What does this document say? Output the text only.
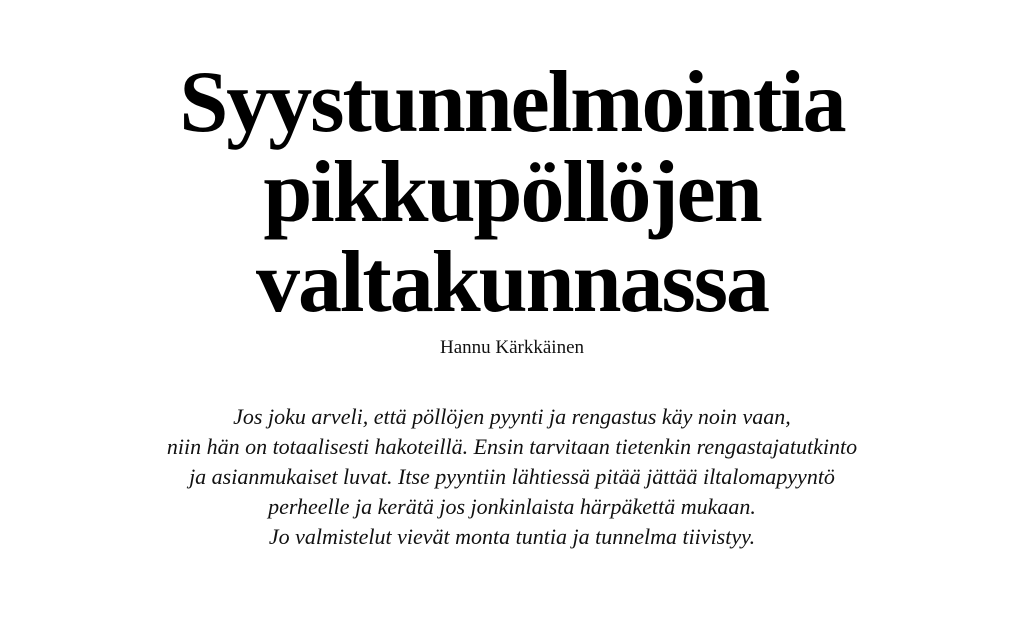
Syystunnelmointia
pikkupöllöjen
valtakunnassa
Hannu Kärkkäinen

Jos joku arveli, että pöllöjen pyynti ja rengastus käy noin vaan,
niin hän on totaalisesti hakoteillä. Ensin tarvitaan tietenkin rengastajatutkinto
ja asianmukaiset luvat. Itse pyyntiin lähtiessä pitää jättää iltalomapyyntö
perheelle ja kerätä jos jonkinlaista härpäkettä mukaan.
Jo valmistelut vievät monta tuntia ja tunnelma tiivistyy.
